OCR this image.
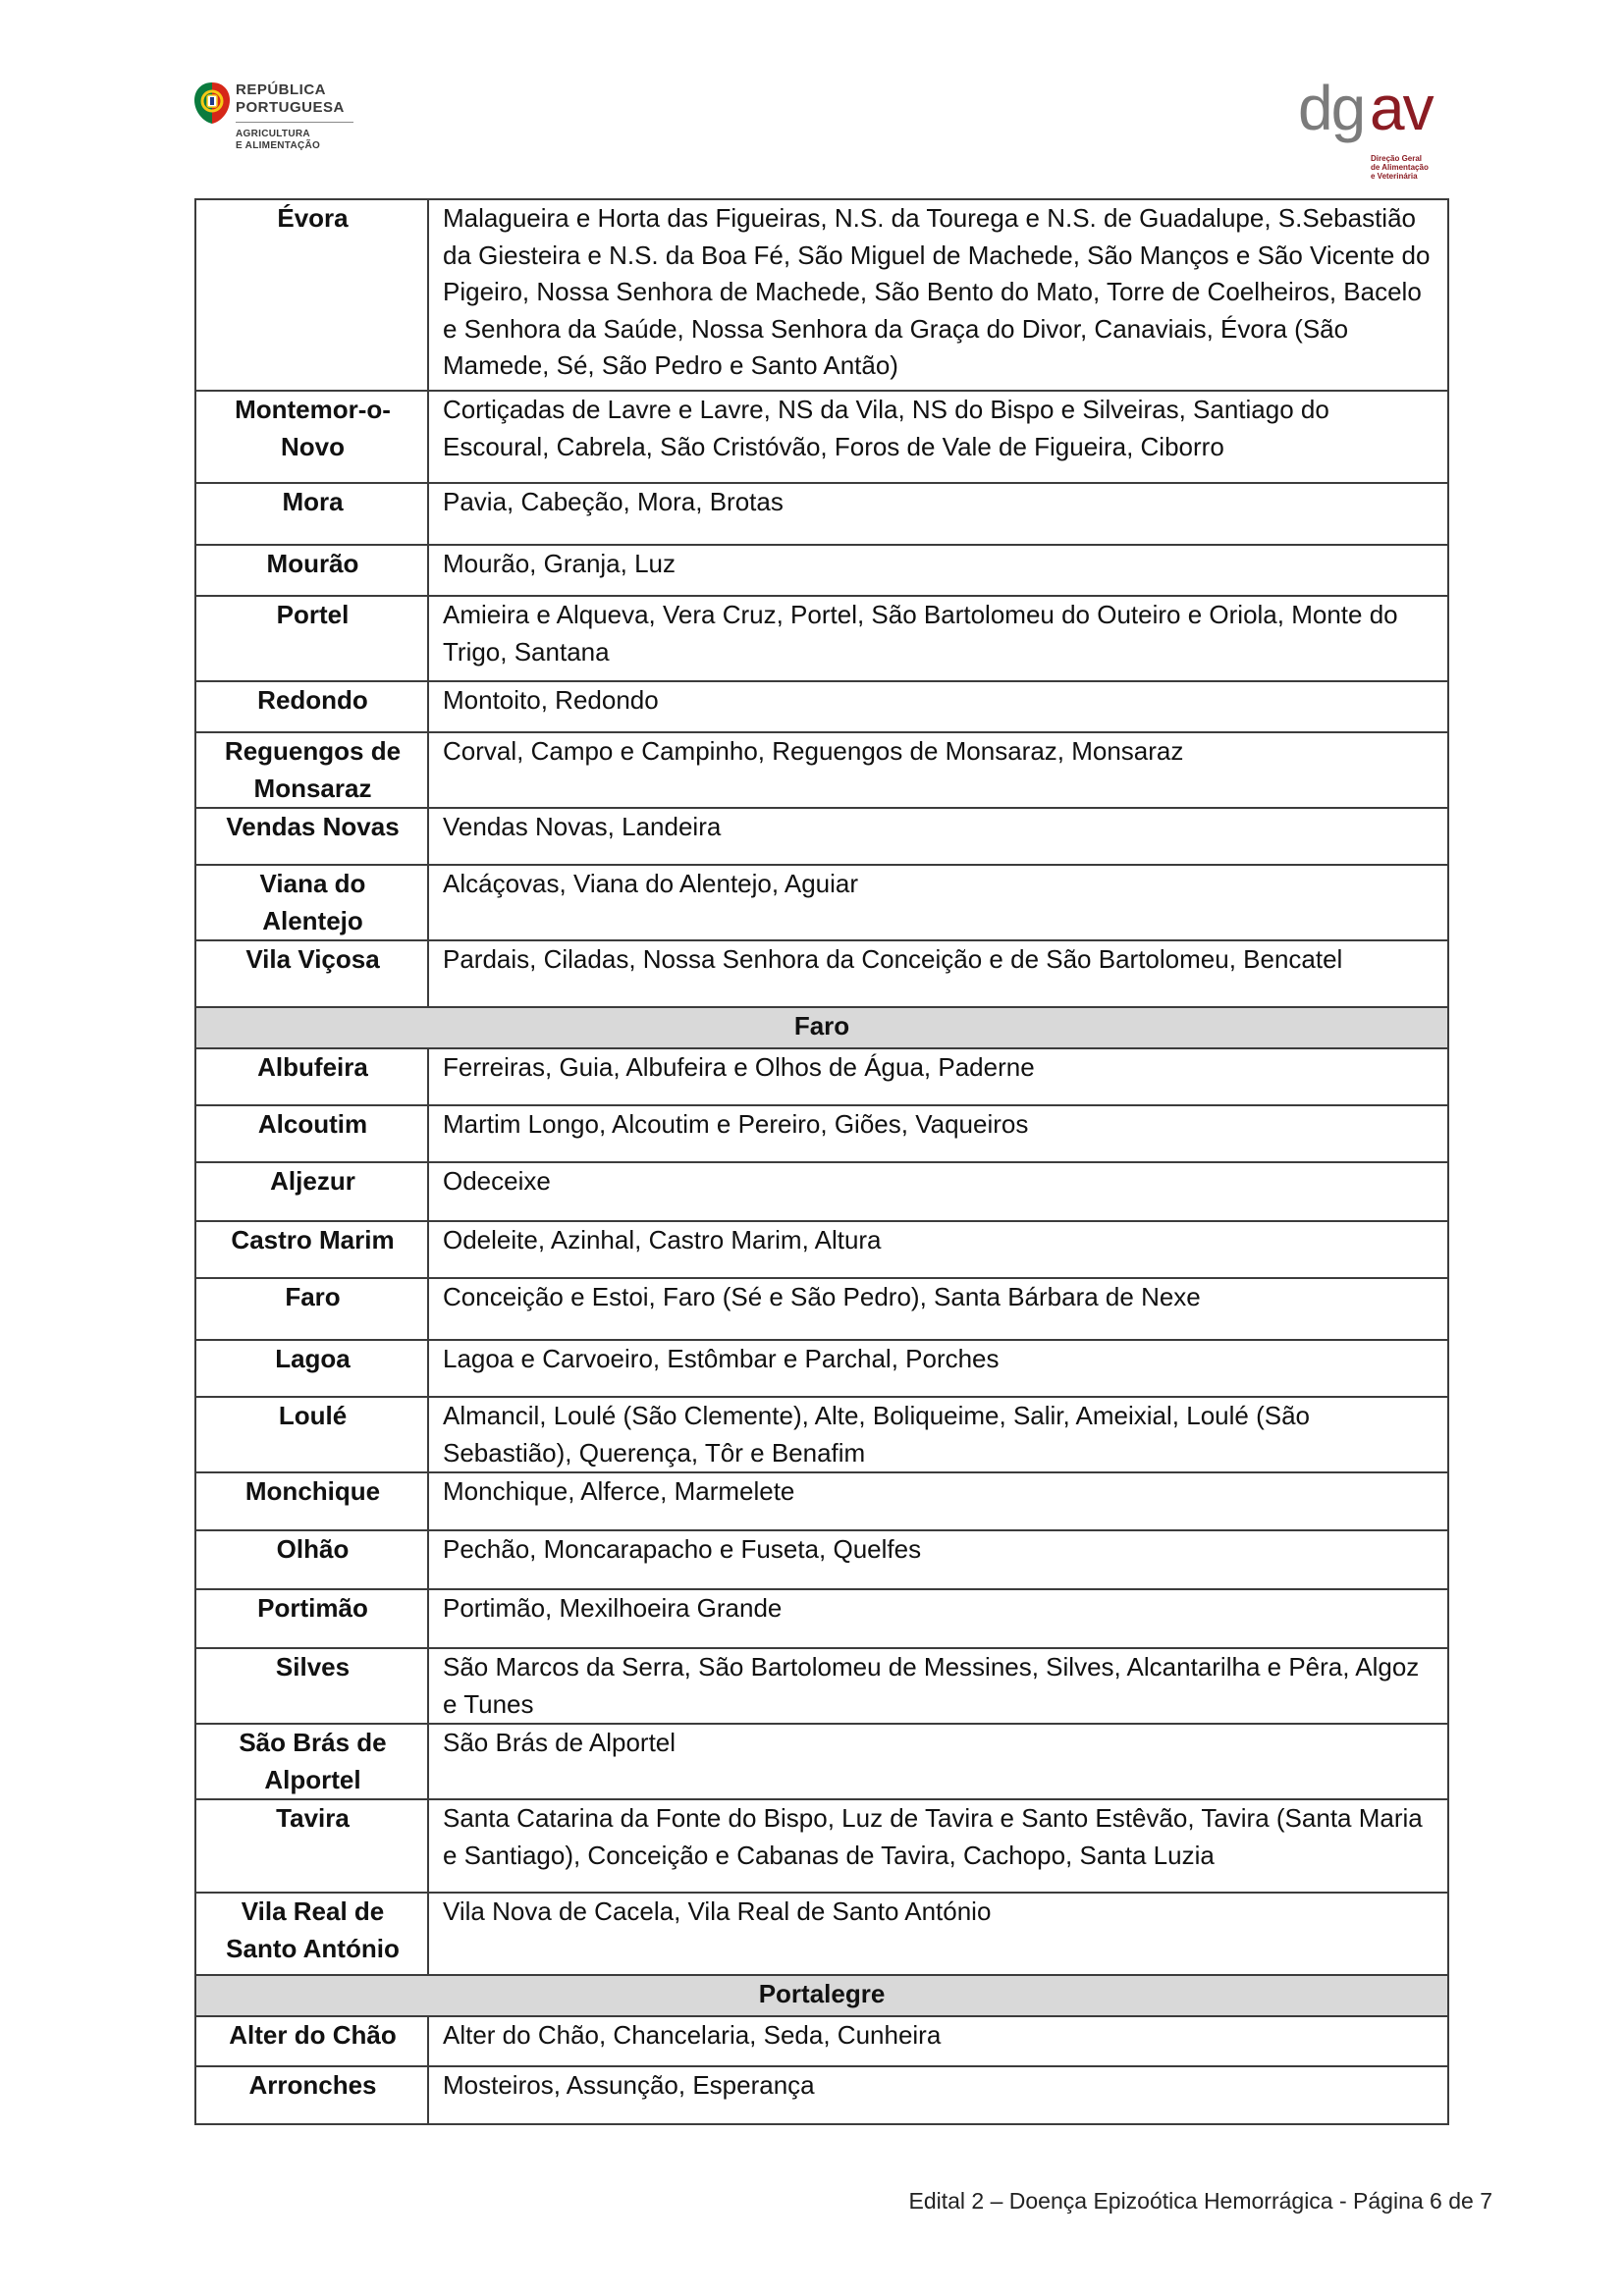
REPÚBLICA
PORTUGUESA
AGRICULTURA
E ALIMENTAÇÃO
dg av
Direção Geral
de Alimentação
e Veterinária
Évora	Malagueira e Horta das Figueiras, N.S. da Tourega e N.S. de Guadalupe, S.Sebastião da Giesteira e N.S. da Boa Fé, São Miguel de Machede, São Manços e São Vicente do Pigeiro, Nossa Senhora de Machede, São Bento do Mato, Torre de Coelheiros, Bacelo e Senhora da Saúde, Nossa Senhora da Graça do Divor, Canaviais, Évora (São Mamede, Sé, São Pedro e Santo Antão)
Montemor-o-Novo	Cortiçadas de Lavre e Lavre, NS da Vila, NS do Bispo e Silveiras, Santiago do Escoural, Cabrela, São Cristóvão, Foros de Vale de Figueira, Ciborro
Mora	Pavia, Cabeção, Mora, Brotas
Mourão	Mourão, Granja, Luz
Portel	Amieira e Alqueva, Vera Cruz, Portel, São Bartolomeu do Outeiro e Oriola, Monte do Trigo, Santana
Redondo	Montoito, Redondo
Reguengos de Monsaraz	Corval, Campo e Campinho, Reguengos de Monsaraz, Monsaraz
Vendas Novas	Vendas Novas, Landeira
Viana do Alentejo	Alcáçovas, Viana do Alentejo, Aguiar
Vila Viçosa	Pardais, Ciladas, Nossa Senhora da Conceição e de São Bartolomeu, Bencatel
Faro	
Albufeira	Ferreiras, Guia, Albufeira e Olhos de Água, Paderne
Alcoutim	Martim Longo, Alcoutim e Pereiro, Giões, Vaqueiros
Aljezur	Odeceixe
Castro Marim	Odeleite, Azinhal, Castro Marim, Altura
Faro	Conceição e Estoi, Faro (Sé e São Pedro), Santa Bárbara de Nexe
Lagoa	Lagoa e Carvoeiro, Estômbar e Parchal, Porches
Loulé	Almancil, Loulé (São Clemente), Alte, Boliqueime, Salir, Ameixial, Loulé (São Sebastião), Querença, Tôr e Benafim
Monchique	Monchique, Alferce, Marmelete
Olhão	Pechão, Moncarapacho e Fuseta, Quelfes
Portimão	Portimão, Mexilhoeira Grande
Silves	São Marcos da Serra, São Bartolomeu de Messines, Silves, Alcantarilha e Pêra, Algoz e Tunes
São Brás de Alportel	São Brás de Alportel
Tavira	Santa Catarina da Fonte do Bispo, Luz de Tavira e Santo Estêvão, Tavira (Santa Maria e Santiago), Conceição e Cabanas de Tavira, Cachopo, Santa Luzia
Vila Real de Santo António	Vila Nova de Cacela, Vila Real de Santo António
Portalegre	
Alter do Chão	Alter do Chão, Chancelaria, Seda, Cunheira
Arronches	Mosteiros, Assunção, Esperança
Edital 2 – Doença Epizoótica Hemorrágica - Página 6 de 7
